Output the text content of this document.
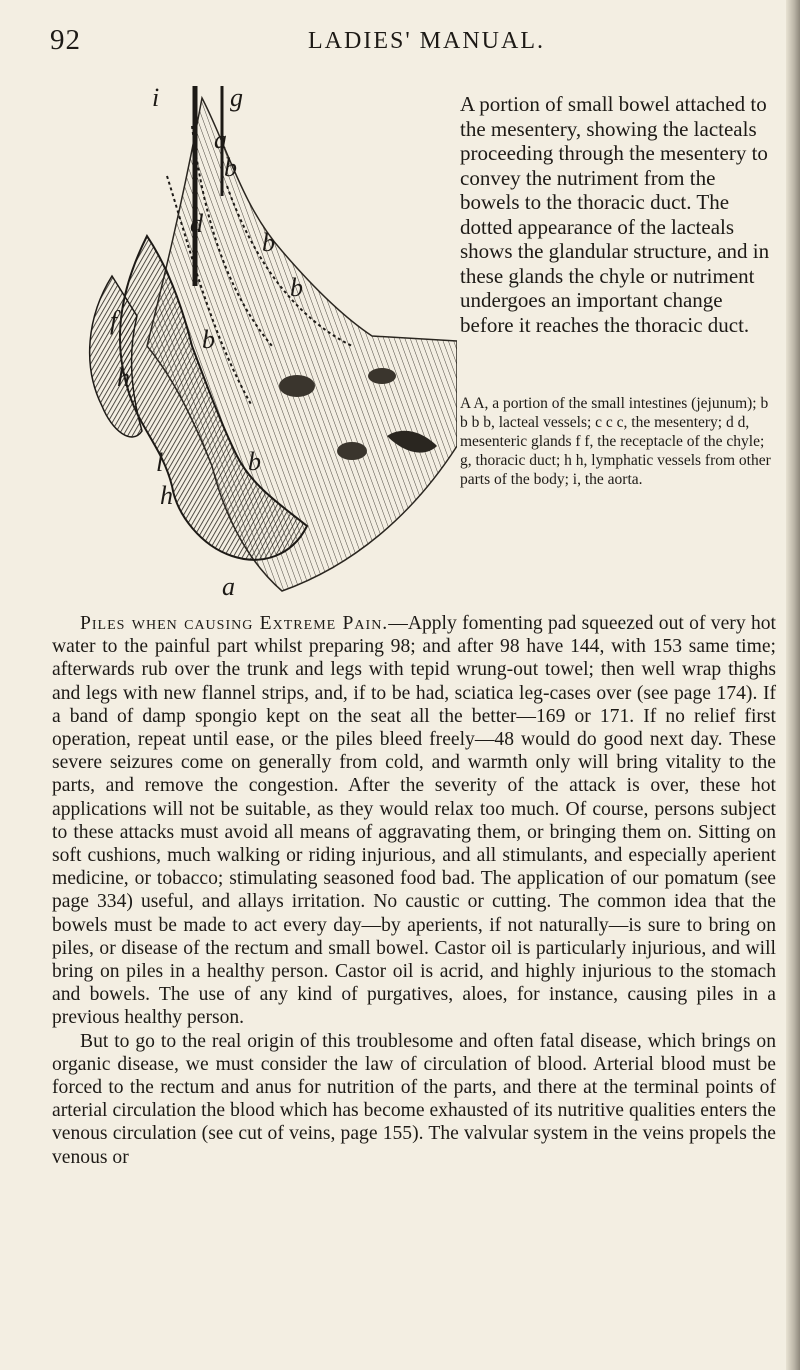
92	LADIES' MANUAL.
i	g
a
d
b
b
b
b
b
f
h
l
h
a
A portion of small bowel attached to the mesentery, showing the lacteals proceeding through the mesentery to convey the nutriment from the bowels to the thoracic duct. The dotted appearance of the lacteals shows the glandular structure, and in these glands the chyle or nutriment undergoes an important change before it reaches the thoracic duct.
A A, a portion of the small intestines (jejunum); b b b b, lacteal vessels; c c c, the mesentery; d d, mesenteric glands f f, the receptacle of the chyle; g, thoracic duct; h h, lymphatic vessels from other parts of the body; i, the aorta.

Piles when causing Extreme Pain.—Apply fomenting pad squeezed out of very hot water to the painful part whilst preparing 98; and after 98 have 144, with 153 same time; afterwards rub over the trunk and legs with tepid wrung-out towel; then well wrap thighs and legs with new flannel strips, and, if to be had, sciatica leg-cases over (see page 174). If a band of damp spongio kept on the seat all the better—169 or 171. If no relief first operation, repeat until ease, or the piles bleed freely—48 would do good next day. These severe seizures come on generally from cold, and warmth only will bring vitality to the parts, and remove the congestion. After the severity of the attack is over, these hot applications will not be suitable, as they would relax too much. Of course, persons subject to these attacks must avoid all means of aggravating them, or bringing them on. Sitting on soft cushions, much walking or riding injurious, and all stimulants, and especially aperient medicine, or tobacco; stimulating seasoned food bad. The application of our pomatum (see page 334) useful, and allays irritation. No caustic or cutting. The common idea that the bowels must be made to act every day—by aperients, if not naturally—is sure to bring on piles, or disease of the rectum and small bowel. Castor oil is particularly injurious, and will bring on piles in a healthy person. Castor oil is acrid, and highly injurious to the stomach and bowels. The use of any kind of purgatives, aloes, for instance, causing piles in a previous healthy person.

But to go to the real origin of this troublesome and often fatal disease, which brings on organic disease, we must consider the law of circulation of blood. Arterial blood must be forced to the rectum and anus for nutrition of the parts, and there at the terminal points of arterial circulation the blood which has become exhausted of its nutritive qualities enters the venous circulation (see cut of veins, page 155). The valvular system in the veins propels the venous or
